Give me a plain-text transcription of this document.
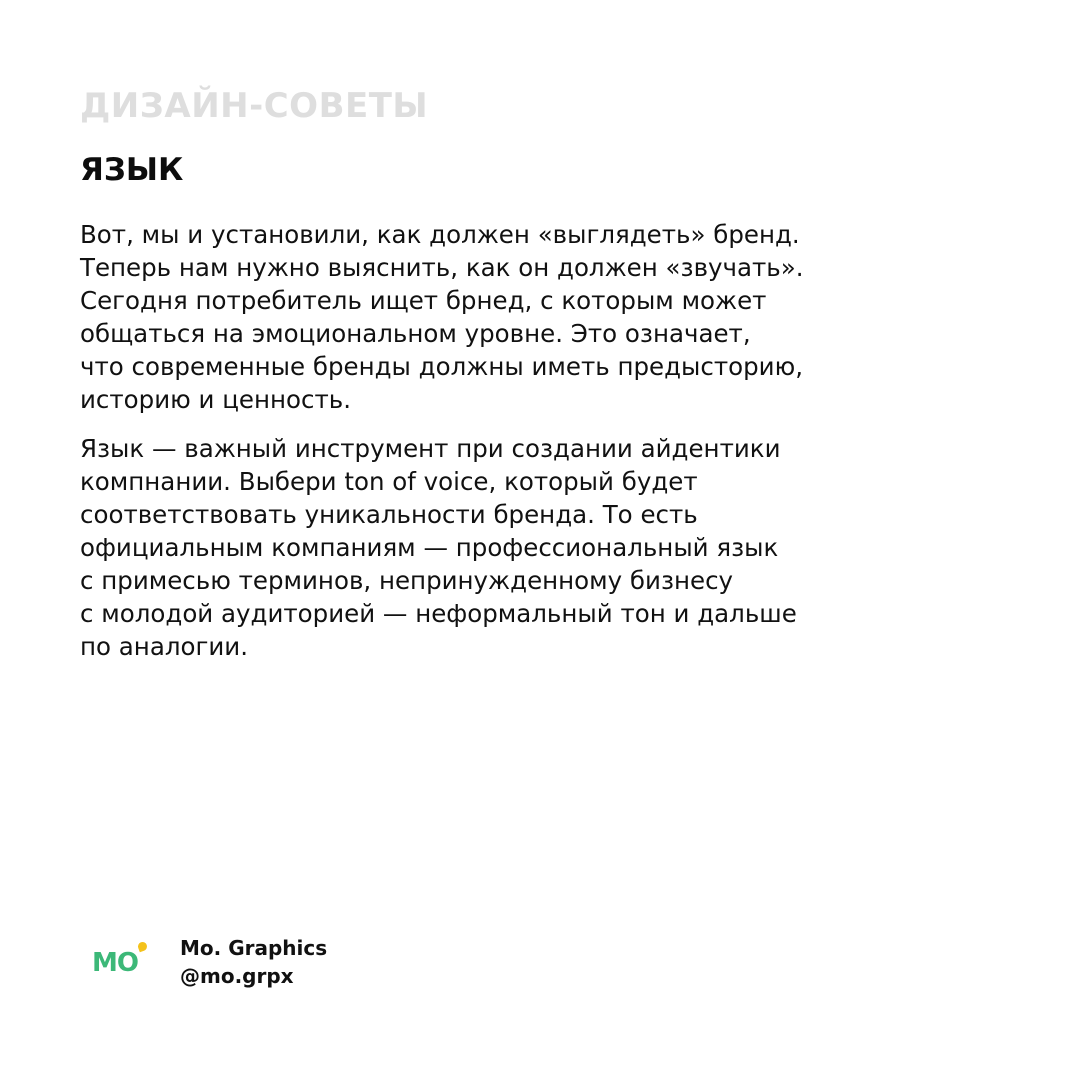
ДИЗАЙН-СОВЕТЫ
ЯЗЫК

Вот, мы и установили, как должен «выглядеть» бренд.
Теперь нам нужно выяснить, как он должен «звучать».
Сегодня потребитель ищет брнед, с которым может
общаться на эмоциональном уровне. Это означает,
что современные бренды должны иметь предысторию,
историю и ценность.

Язык — важный инструмент при создании айдентики
компнании. Выбери ton of voice, который будет
соответствовать уникальности бренда. То есть
официальным компаниям — профессиональный язык
с примесью терминов, непринужденному бизнесу
с молодой аудиторией — неформальный тон и дальше
по аналогии.

MO Mo. Graphics
@mo.grpx
